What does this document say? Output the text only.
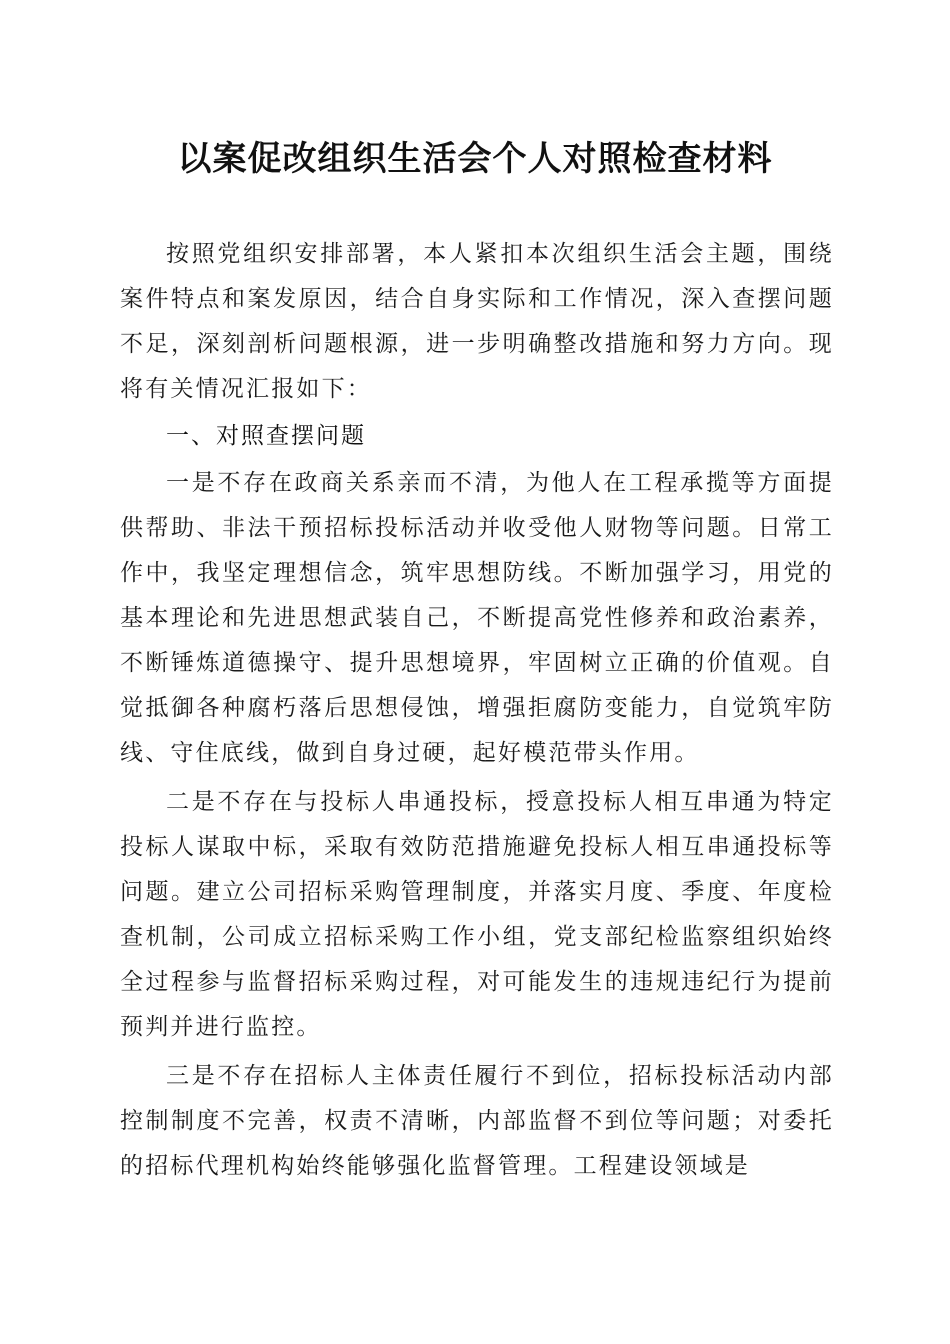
以案促改组织生活会个人对照检查材料

按照党组织安排部署，本人紧扣本次组织生活会主题，围绕案件特点和案发原因，结合自身实际和工作情况，深入查摆问题不足，深刻剖析问题根源，进一步明确整改措施和努力方向。现将有关情况汇报如下：

一、对照查摆问题

一是不存在政商关系亲而不清，为他人在工程承揽等方面提供帮助、非法干预招标投标活动并收受他人财物等问题。日常工作中，我坚定理想信念，筑牢思想防线。不断加强学习，用党的基本理论和先进思想武装自己，不断提高党性修养和政治素养，不断锤炼道德操守、提升思想境界，牢固树立正确的价值观。自觉抵御各种腐朽落后思想侵蚀，增强拒腐防变能力，自觉筑牢防线、守住底线，做到自身过硬，起好模范带头作用。

二是不存在与投标人串通投标，授意投标人相互串通为特定投标人谋取中标，采取有效防范措施避免投标人相互串通投标等问题。建立公司招标采购管理制度，并落实月度、季度、年度检查机制，公司成立招标采购工作小组，党支部纪检监察组织始终全过程参与监督招标采购过程，对可能发生的违规违纪行为提前预判并进行监控。

三是不存在招标人主体责任履行不到位，招标投标活动内部控制制度不完善，权责不清晰，内部监督不到位等问题；对委托的招标代理机构始终能够强化监督管理。工程建设领域是
